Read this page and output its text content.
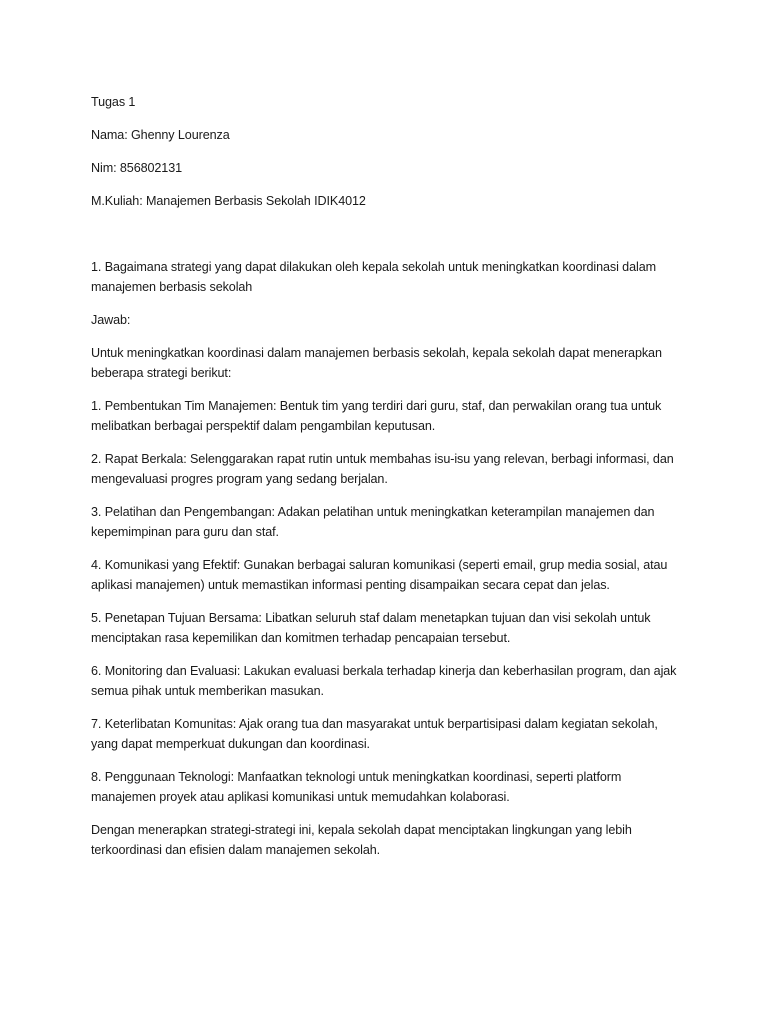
Tugas 1

Nama: Ghenny Lourenza

Nim: 856802131

M.Kuliah: Manajemen Berbasis Sekolah IDIK4012

1. Bagaimana strategi yang dapat dilakukan oleh kepala sekolah untuk meningkatkan koordinasi dalam manajemen berbasis sekolah

Jawab:

Untuk meningkatkan koordinasi dalam manajemen berbasis sekolah, kepala sekolah dapat menerapkan beberapa strategi berikut:

1. Pembentukan Tim Manajemen: Bentuk tim yang terdiri dari guru, staf, dan perwakilan orang tua untuk melibatkan berbagai perspektif dalam pengambilan keputusan.

2. Rapat Berkala: Selenggarakan rapat rutin untuk membahas isu-isu yang relevan, berbagi informasi, dan mengevaluasi progres program yang sedang berjalan.

3. Pelatihan dan Pengembangan: Adakan pelatihan untuk meningkatkan keterampilan manajemen dan kepemimpinan para guru dan staf.

4. Komunikasi yang Efektif: Gunakan berbagai saluran komunikasi (seperti email, grup media sosial, atau aplikasi manajemen) untuk memastikan informasi penting disampaikan secara cepat dan jelas.

5. Penetapan Tujuan Bersama: Libatkan seluruh staf dalam menetapkan tujuan dan visi sekolah untuk menciptakan rasa kepemilikan dan komitmen terhadap pencapaian tersebut.

6. Monitoring dan Evaluasi: Lakukan evaluasi berkala terhadap kinerja dan keberhasilan program, dan ajak semua pihak untuk memberikan masukan.

7. Keterlibatan Komunitas: Ajak orang tua dan masyarakat untuk berpartisipasi dalam kegiatan sekolah, yang dapat memperkuat dukungan dan koordinasi.

8. Penggunaan Teknologi: Manfaatkan teknologi untuk meningkatkan koordinasi, seperti platform manajemen proyek atau aplikasi komunikasi untuk memudahkan kolaborasi.

Dengan menerapkan strategi-strategi ini, kepala sekolah dapat menciptakan lingkungan yang lebih terkoordinasi dan efisien dalam manajemen sekolah.
